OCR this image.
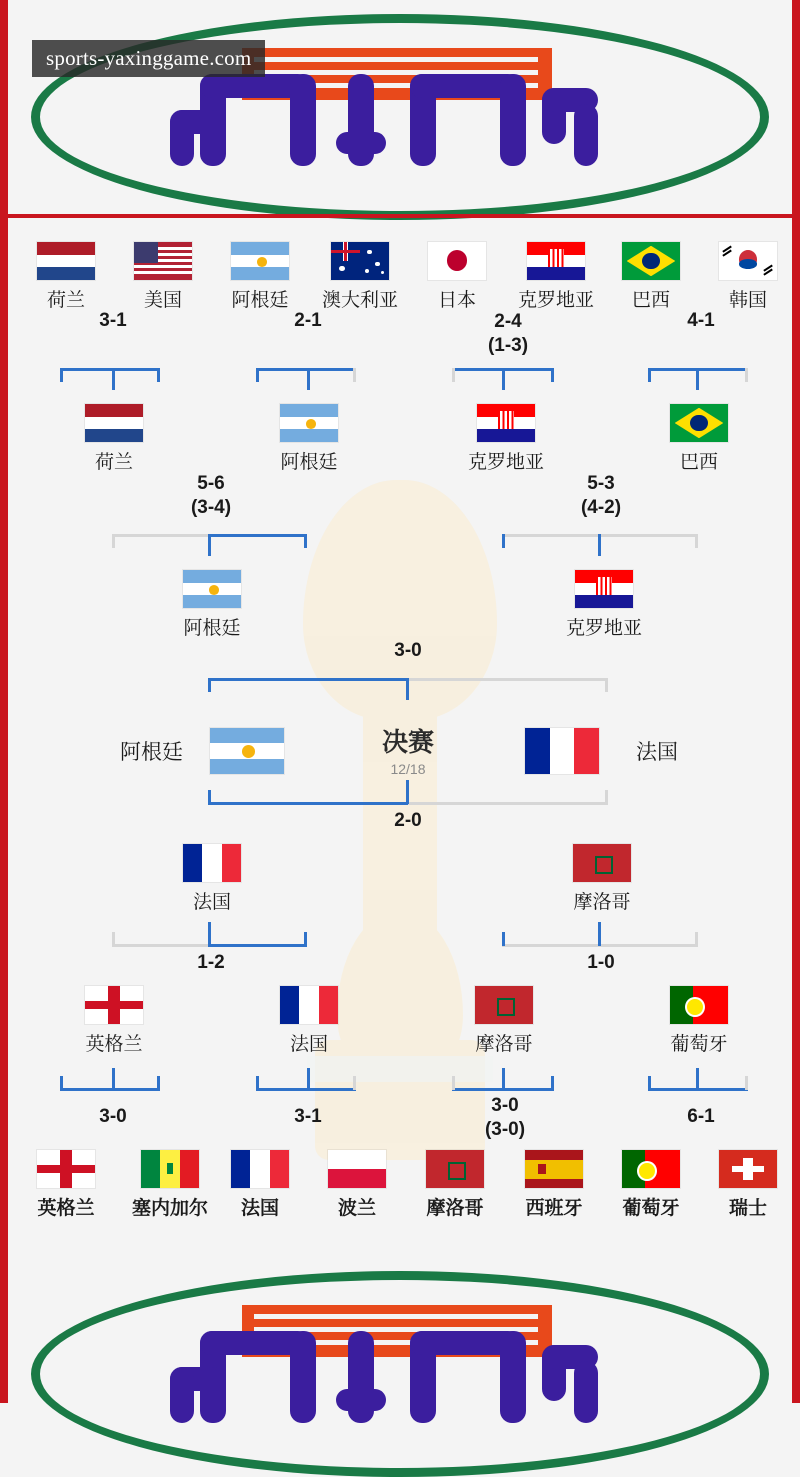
sports-yaxinggame.com
荷兰	美国	阿根廷	澳大利亚	日本	克罗地亚	巴西	韩国
3-1	2-1	2-4
(1-3)
4-1
荷兰	阿根廷	克罗地亚	巴西
5-6
(3-4)
5-3
(4-2)
阿根廷	克罗地亚
3-0
决赛
12/18
阿根廷	法国
2-0
法国	摩洛哥
1-2	1-0
英格兰	法国	摩洛哥	葡萄牙
3-0	3-1
3-0
(3-0)
6-1
英格兰	塞内加尔	法国	波兰	摩洛哥	西班牙	葡萄牙	瑞士
